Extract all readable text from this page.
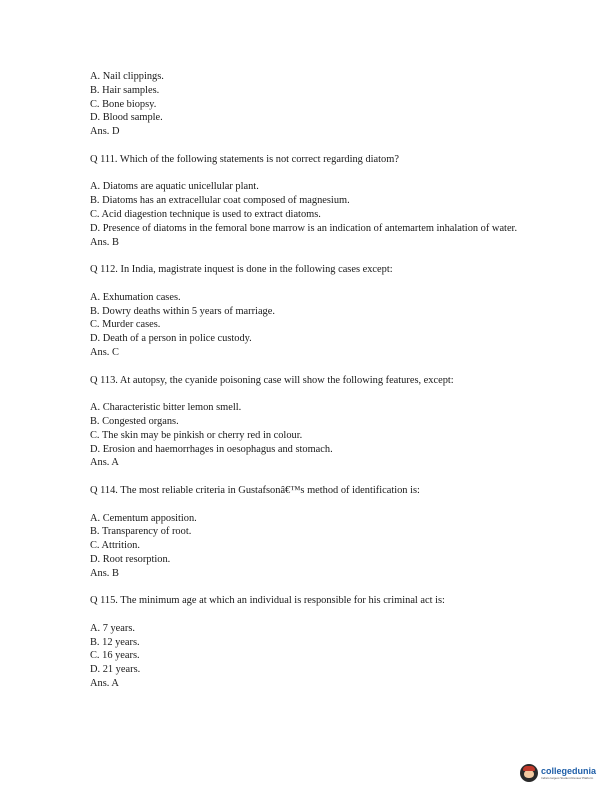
A. Nail clippings.
B. Hair samples.
C. Bone biopsy.
D. Blood sample.
Ans. D
Q 111. Which of the following statements is not correct regarding diatom?
A. Diatoms are aquatic unicellular plant.
B. Diatoms has an extracellular coat composed of magnesium.
C. Acid diagestion technique is used to extract diatoms.
D. Presence of diatoms in the femoral bone marrow is an indication of antemartem inhalation of water.
Ans. B
Q 112. In India, magistrate inquest is done in the following cases except:
A. Exhumation cases.
B. Dowry deaths within 5 years of marriage.
C. Murder cases.
D. Death of a person in police custody.
Ans. C
Q 113. At autopsy, the cyanide poisoning case will show the following features, except:
A. Characteristic bitter lemon smell.
B. Congested organs.
C. The skin may be pinkish or cherry red in colour.
D. Erosion and haemorrhages in oesophagus and stomach.
Ans. A
Q 114. The most reliable criteria in Gustafsonâ€™s method of identification is:
A. Cementum apposition.
B. Transparency of root.
C. Attrition.
D. Root resorption.
Ans. B
Q 115. The minimum age at which an individual is responsible for his criminal act is:
A. 7 years.
B. 12 years.
C. 16 years.
D. 21 years.
Ans. A
collegedunia
India's largest Student Review Platform
